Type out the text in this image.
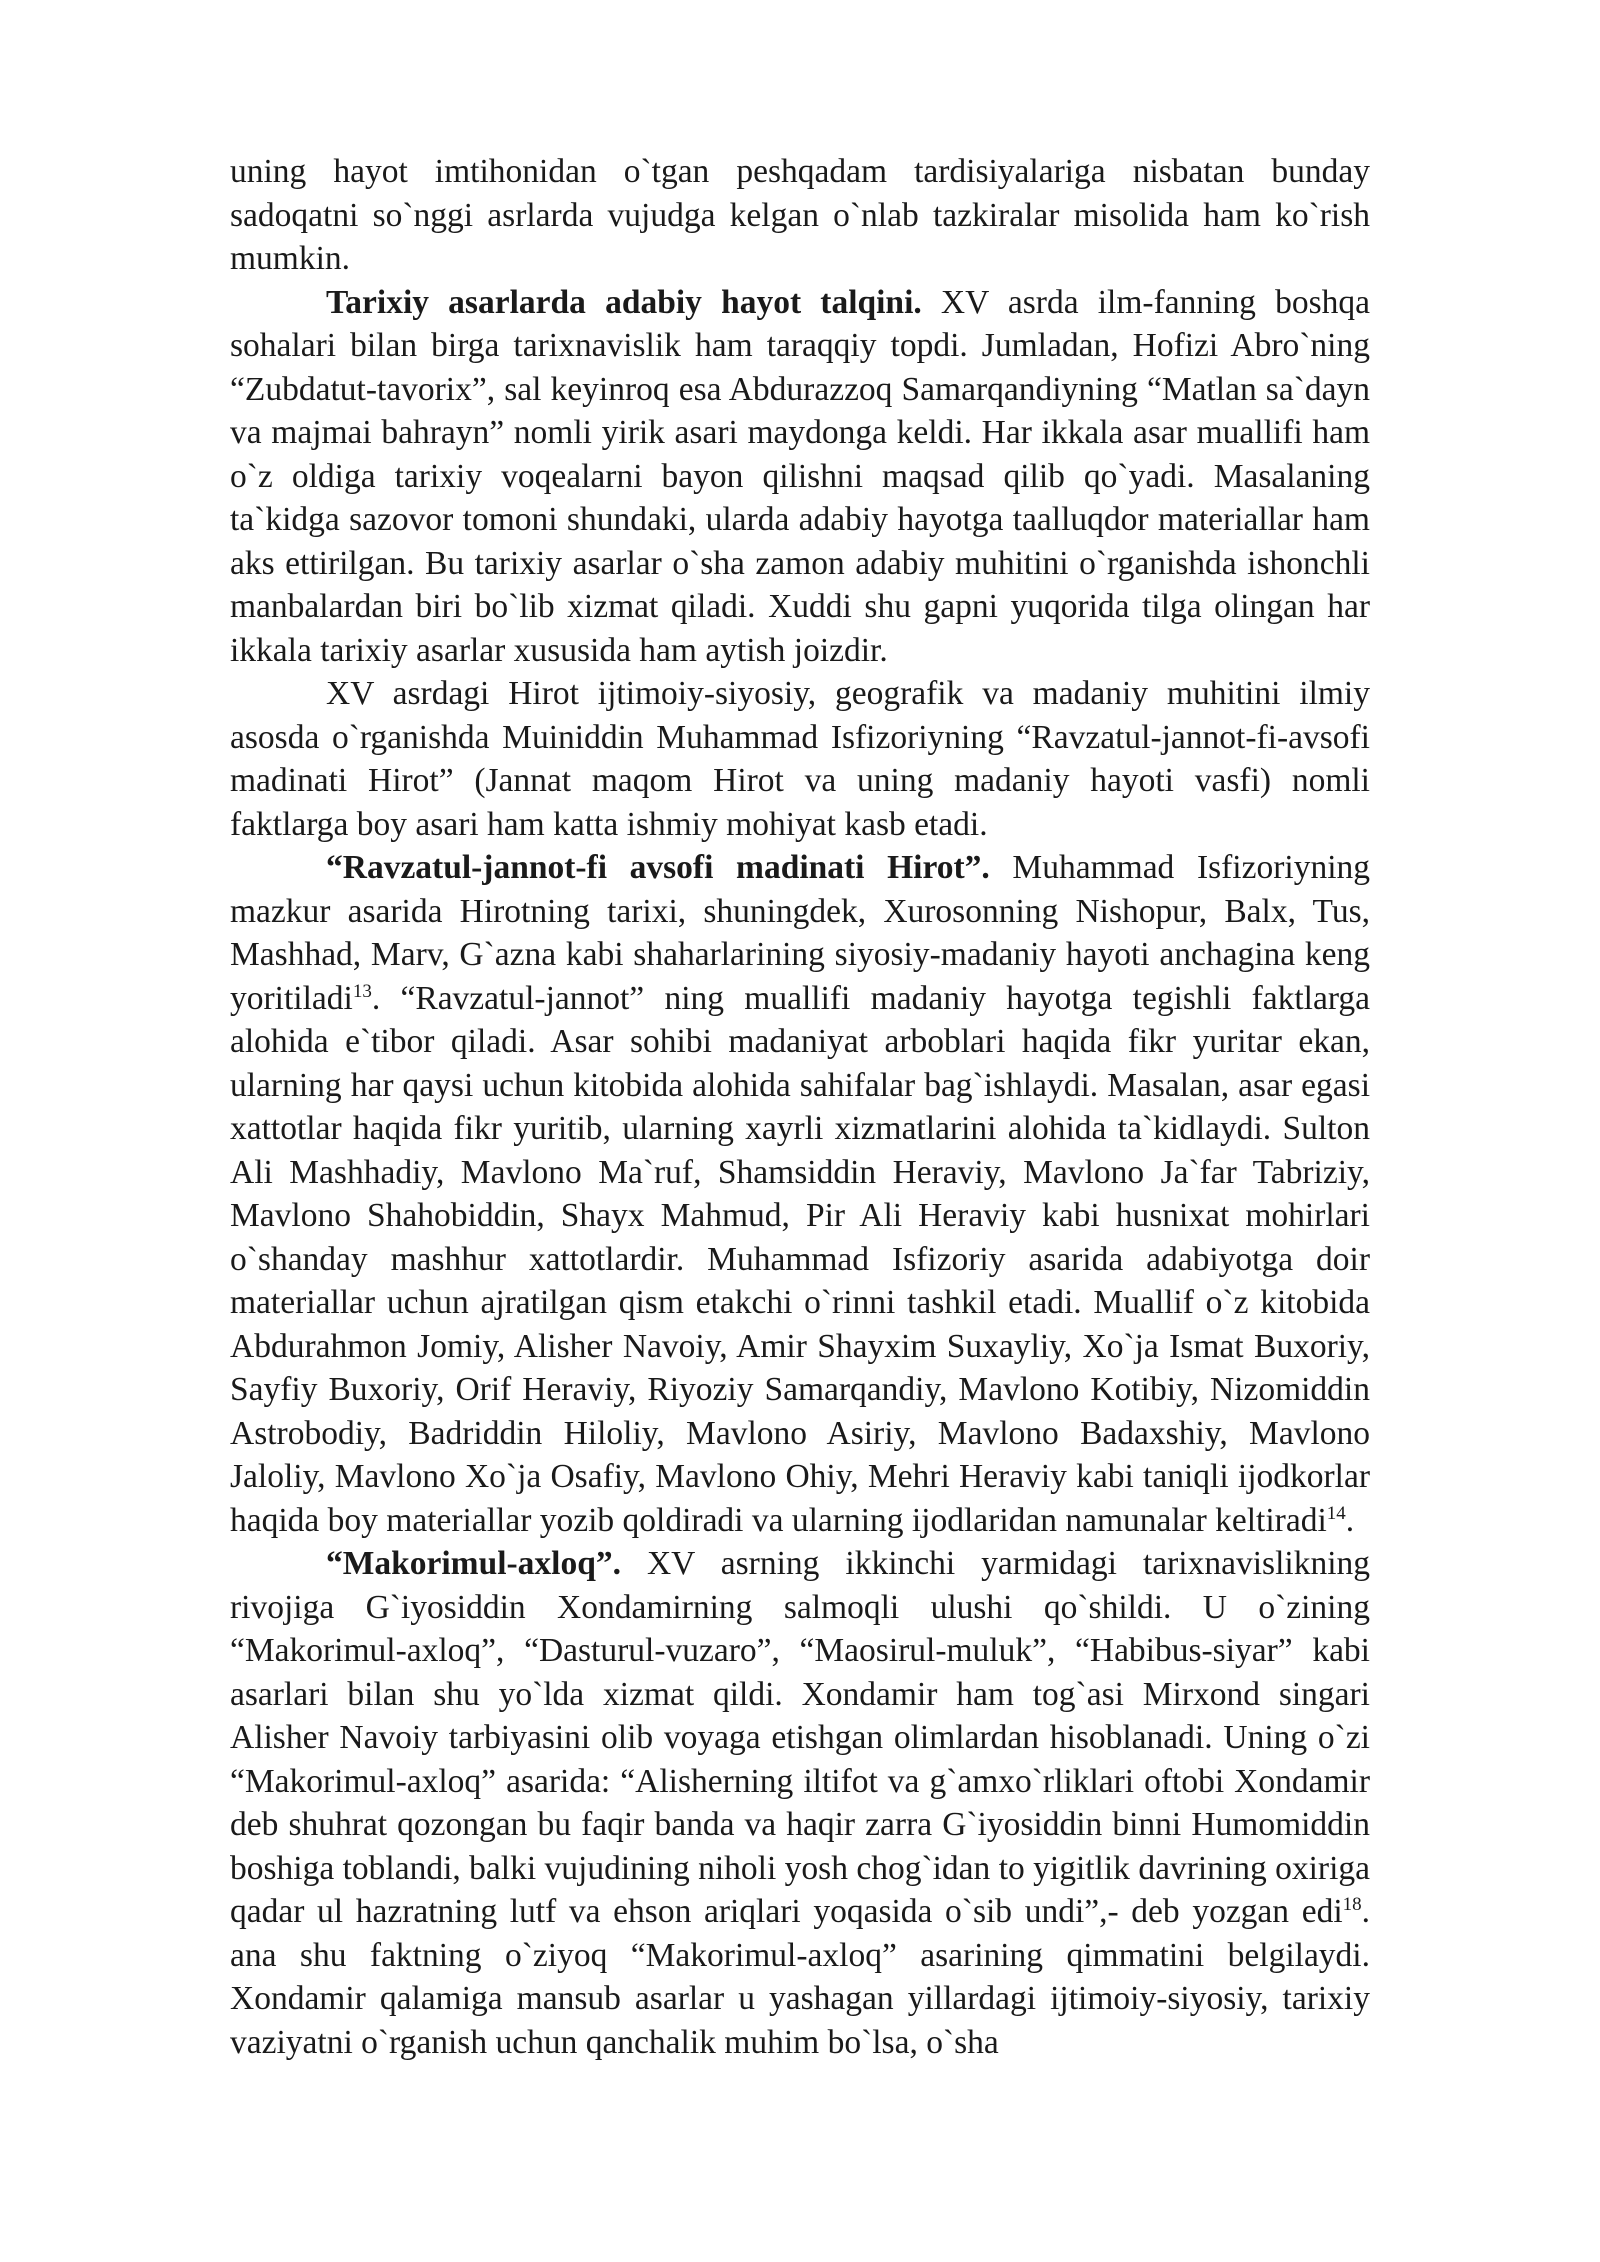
uning hayot imtihonidan o`tgan peshqadam tardisiyalariga nisbatan bunday sadoqatni so`nggi asrlarda vujudga kelgan o`nlab tazkiralar misolida ham ko`rish mumkin.

Tarixiy asarlarda adabiy hayot talqini. XV asrda ilm-fanning boshqa sohalari bilan birga tarixnavislik ham taraqqiy topdi. Jumladan, Hofizi Abro`ning “Zubdatut-tavorix”, sal keyinroq esa Abdurazzoq Samarqandiyning “Matlan sa`dayn va majmai bahrayn” nomli yirik asari maydonga keldi. Har ikkala asar muallifi ham o`z oldiga tarixiy voqealarni bayon qilishni maqsad qilib qo`yadi. Masalaning ta`kidga sazovor tomoni shundaki, ularda adabiy hayotga taalluqdor materiallar ham aks ettirilgan. Bu tarixiy asarlar o`sha zamon adabiy muhitini o`rganishda ishonchli manbalardan biri bo`lib xizmat qiladi. Xuddi shu gapni yuqorida tilga olingan har ikkala tarixiy asarlar xususida ham aytish joizdir.

XV asrdagi Hirot ijtimoiy-siyosiy, geografik va madaniy muhitini ilmiy asosda o`rganishda Muiniddin Muhammad Isfizoriyning “Ravzatul-jannot-fi-avsofi madinati Hirot” (Jannat maqom Hirot va uning madaniy hayoti vasfi) nomli faktlarga boy asari ham katta ishmiy mohiyat kasb etadi.

“Ravzatul-jannot-fi avsofi madinati Hirot”. Muhammad Isfizoriyning mazkur asarida Hirotning tarixi, shuningdek, Xurosonning Nishopur, Balx, Tus, Mashhad, Marv, G`azna kabi shaharlarining siyosiy-madaniy hayoti anchagina keng yoritiladi$^{13}$. “Ravzatul-jannot” ning muallifi madaniy hayotga tegishli faktlarga alohida e`tibor qiladi. Asar sohibi madaniyat arboblari haqida fikr yuritar ekan, ularning har qaysi uchun kitobida alohida sahifalar bag`ishlaydi. Masalan, asar egasi xattotlar haqida fikr yuritib, ularning xayrli xizmatlarini alohida ta`kidlaydi. Sulton Ali Mashhadiy, Mavlono Ma`ruf, Shamsiddin Heraviy, Mavlono Ja`far Tabriziy, Mavlono Shahobiddin, Shayx Mahmud, Pir Ali Heraviy kabi husnixat mohirlari o`shanday mashhur xattotlardir. Muhammad Isfizoriy asarida adabiyotga doir materiallar uchun ajratilgan qism etakchi o`rinni tashkil etadi. Muallif o`z kitobida Abdurahmon Jomiy, Alisher Navoiy, Amir Shayxim Suxayliy, Xo`ja Ismat Buxoriy, Sayfiy Buxoriy, Orif Heraviy, Riyoziy Samarqandiy, Mavlono Kotibiy, Nizomiddin Astrobodiy, Badriddin Hiloliy, Mavlono Asiriy, Mavlono Badaxshiy, Mavlono Jaloliy, Mavlono Xo`ja Osafiy, Mavlono Ohiy, Mehri Heraviy kabi taniqli ijodkorlar haqida boy materiallar yozib qoldiradi va ularning ijodlaridan namunalar keltiradi$^{14}$.

“Makorimul-axloq”. XV asrning ikkinchi yarmidagi tarixnavislikning rivojiga G`iyosiddin Xondamirning salmoqli ulushi qo`shildi. U o`zining “Makorimul-axloq”, “Dasturul-vuzaro”, “Maosirul-muluk”, “Habibus-siyar” kabi asarlari bilan shu yo`lda xizmat qildi. Xondamir ham tog`asi Mirxond singari Alisher Navoiy tarbiyasini olib voyaga etishgan olimlardan hisoblanadi. Uning o`zi “Makorimul-axloq” asarida: “Alisherning iltifot va g`amxo`rliklari oftobi Xondamir deb shuhrat qozongan bu faqir banda va haqir zarra G`iyosiddin binni Humomiddin boshiga toblandi, balki vujudining niholi yosh chog`idan to yigitlik davrining oxiriga qadar ul hazratning lutf va ehson ariqlari yoqasida o`sib undi”,- deb yozgan edi$^{18}$. ana shu faktning o`ziyoq “Makorimul-axloq” asarining qimmatini belgilaydi. Xondamir qalamiga mansub asarlar u yashagan yillardagi ijtimoiy-siyosiy, tarixiy vaziyatni o`rganish uchun qanchalik muhim bo`lsa, o`sha
